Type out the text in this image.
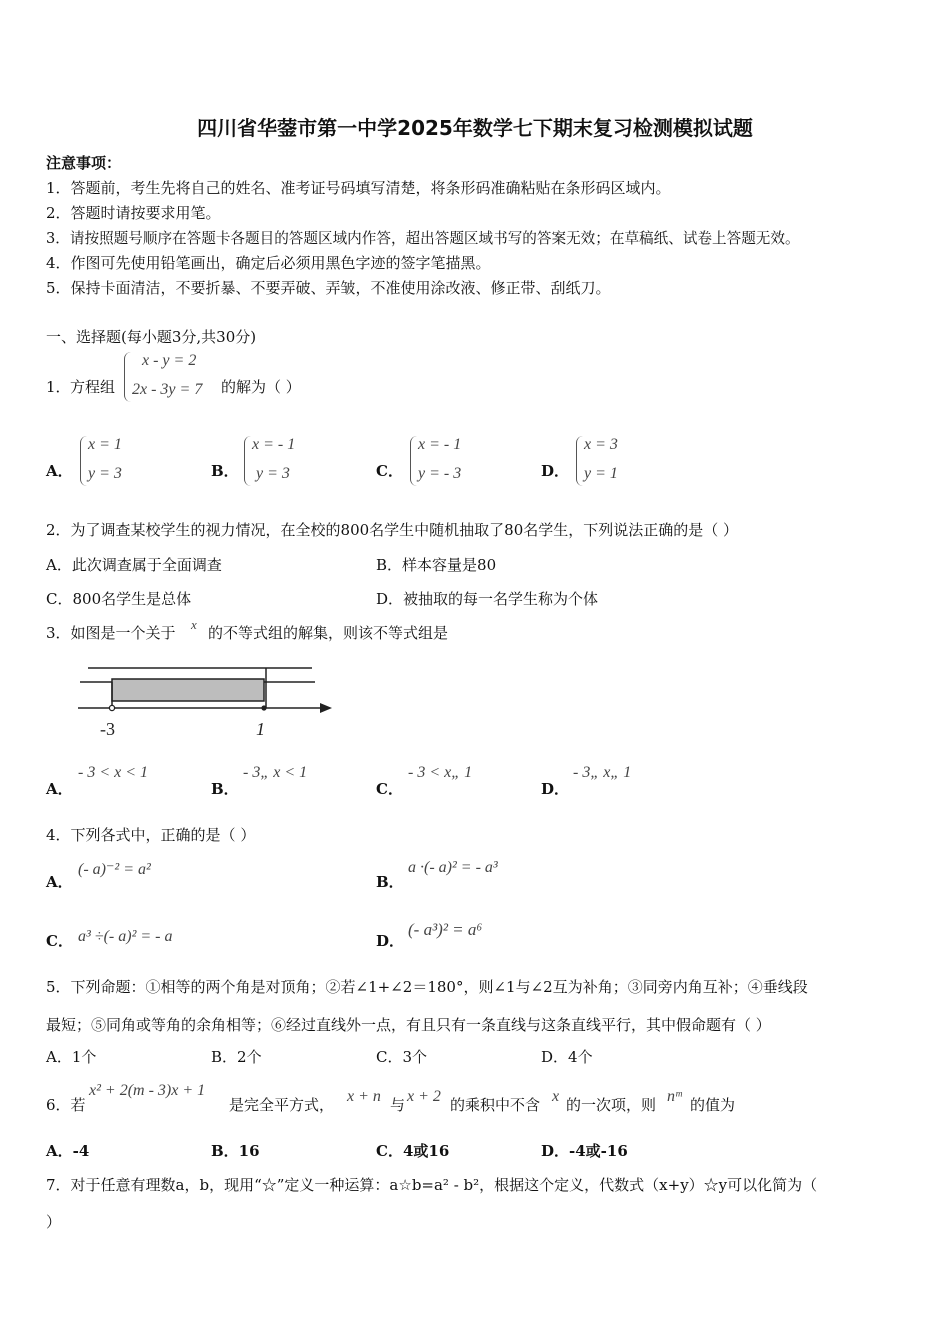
四川省华蓥市第一中学2025年数学七下期末复习检测模拟试题
注意事项：
1．答题前，考生先将自己的姓名、准考证号码填写清楚，将条形码准确粘贴在条形码区域内。
2．答题时请按要求用笔。
3．请按照题号顺序在答题卡各题目的答题区域内作答，超出答题区域书写的答案无效；在草稿纸、试卷上答题无效。
4．作图可先使用铅笔画出，确定后必须用黑色字迹的签字笔描黑。
5．保持卡面清洁，不要折暴、不要弄破、弄皱，不准使用涂改液、修正带、刮纸刀。
一、选择题(每小题3分,共30分)
1． 方程组
x - y = 2
2x - 3y = 7 的解为（ ）
A．
x = 1
y = 3	B．
x = - 1
y = 3	C．
x = - 1
y = - 3	D．
x = 3
y = 1
2．为了调查某校学生的视力情况，在全校的800名学生中随机抽取了80名学生，下列说法正确的是（ ）
A．此次调查属于全面调查	B．样本容量是80
C．800名学生是总体	D．被抽取的每一名学生称为个体
3．如图是一个关于 x 的不等式组的解集，则该不等式组是
-3	1
A．
- 3 < x < 1
B．
- 3„ x < 1
C．
- 3 < x„ 1
D．
- 3„ x„ 1
4．下列各式中，正确的是（ ）
A．
(- a)⁻² = a²
B．
a ·(- a)² = - a³
C． a³ ÷(- a)² = - a	D．
(- a³)² = a⁶
5．下列命题：①相等的两个角是对顶角；②若∠1+∠2＝180°，则∠1与∠2互为补角；③同旁内角互补；④垂线段
最短；⑤同角或等角的余角相等；⑥经过直线外一点，有且只有一条直线与这条直线平行，其中假命题有（ ）
A．1个	B．2个	C．3个	D．4个
6．若
x² + 2(m - 3)x + 1
是完全平方式， x + n 与 x + 2 的乘积中不含 x 的一次项，则 nᵐ 的值为
A．-4	B．16	C．4或16	D．-4或-16
7．对于任意有理数a，b，现用“☆”定义一种运算：a☆b=a² - b²，根据这个定义，代数式（x+y）☆y可以化简为（
）
